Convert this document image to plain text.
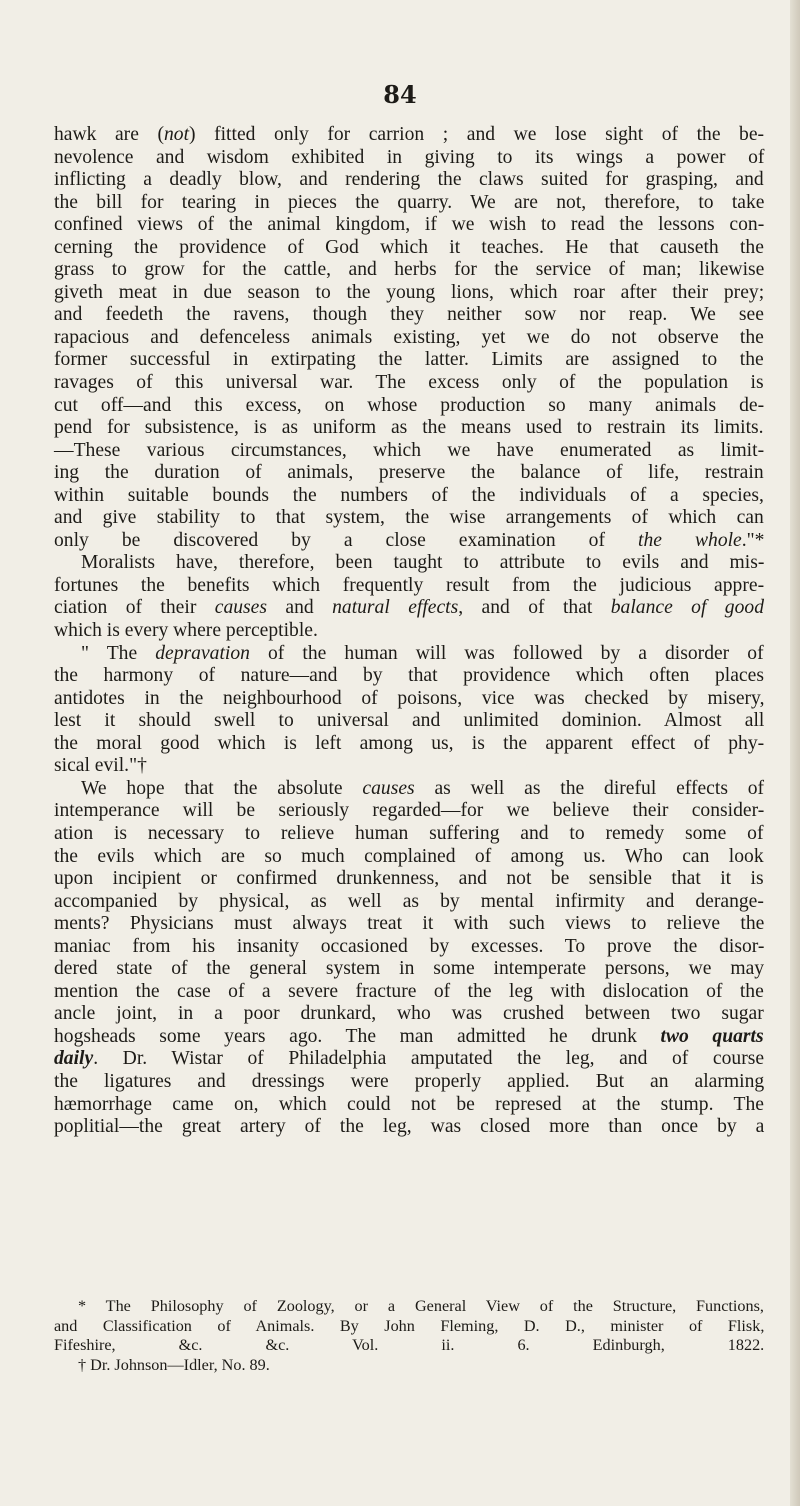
84
hawk are (not) fitted only for carrion ; and we lose sight of the be-
nevolence and wisdom exhibited in giving to its wings a power of
inflicting a deadly blow, and rendering the claws suited for grasping, and
the bill for tearing in pieces the quarry. We are not, therefore, to take
confined views of the animal kingdom, if we wish to read the lessons con-
cerning the providence of God which it teaches. He that causeth the
grass to grow for the cattle, and herbs for the service of man; likewise
giveth meat in due season to the young lions, which roar after their prey;
and feedeth the ravens, though they neither sow nor reap. We see
rapacious and defenceless animals existing, yet we do not observe the
former successful in extirpating the latter. Limits are assigned to the
ravages of this universal war. The excess only of the population is
cut off—and this excess, on whose production so many animals de-
pend for subsistence, is as uniform as the means used to restrain its limits.
—These various circumstances, which we have enumerated as limit-
ing the duration of animals, preserve the balance of life, restrain
within suitable bounds the numbers of the individuals of a species,
and give stability to that system, the wise arrangements of which can
only be discovered by a close examination of the whole."*
Moralists have, therefore, been taught to attribute to evils and mis-
fortunes the benefits which frequently result from the judicious appre-
ciation of their causes and natural effects, and of that balance of good
which is every where perceptible.
" The depravation of the human will was followed by a disorder of
the harmony of nature—and by that providence which often places
antidotes in the neighbourhood of poisons, vice was checked by misery,
lest it should swell to universal and unlimited dominion. Almost all
the moral good which is left among us, is the apparent effect of phy-
sical evil."†
We hope that the absolute causes as well as the direful effects of
intemperance will be seriously regarded—for we believe their consider-
ation is necessary to relieve human suffering and to remedy some of
the evils which are so much complained of among us. Who can look
upon incipient or confirmed drunkenness, and not be sensible that it is
accompanied by physical, as well as by mental infirmity and derange-
ments? Physicians must always treat it with such views to relieve the
maniac from his insanity occasioned by excesses. To prove the disor-
dered state of the general system in some intemperate persons, we may
mention the case of a severe fracture of the leg with dislocation of the
ancle joint, in a poor drunkard, who was crushed between two sugar
hogsheads some years ago. The man admitted he drunk two quarts
daily. Dr. Wistar of Philadelphia amputated the leg, and of course
the ligatures and dressings were properly applied. But an alarming
hæmorrhage came on, which could not be represed at the stump. The
poplitial—the great artery of the leg, was closed more than once by a
* The Philosophy of Zoology, or a General View of the Structure, Functions,
and Classification of Animals. By John Fleming, D. D., minister of Flisk,
Fifeshire, &c. &c. Vol. ii. 6. Edinburgh, 1822.
† Dr. Johnson—Idler, No. 89.
